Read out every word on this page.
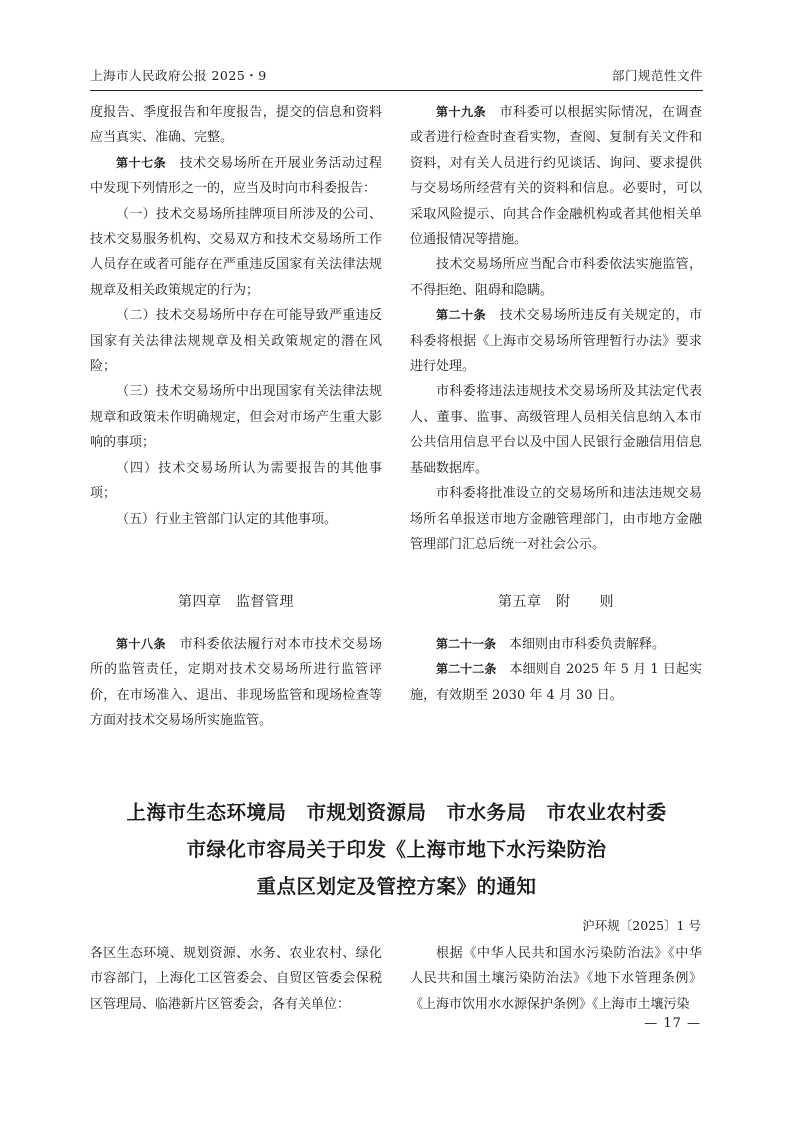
上海市人民政府公报 2025・9	部门规范性文件

度报告、季度报告和年度报告，提交的信息和资料应当真实、准确、完整。

第十七条　技术交易场所在开展业务活动过程中发现下列情形之一的，应当及时向市科委报告：

（一）技术交易场所挂牌项目所涉及的公司、技术交易服务机构、交易双方和技术交易场所工作人员存在或者可能存在严重违反国家有关法律法规规章及相关政策规定的行为；

（二）技术交易场所中存在可能导致严重违反国家有关法律法规规章及相关政策规定的潜在风险；

（三）技术交易场所中出现国家有关法律法规规章和政策未作明确规定，但会对市场产生重大影响的事项；

（四）技术交易场所认为需要报告的其他事项；

（五）行业主管部门认定的其他事项。

第四章　监督管理

第十八条　市科委依法履行对本市技术交易场所的监管责任，定期对技术交易场所进行监管评价，在市场准入、退出、非现场监管和现场检查等方面对技术交易场所实施监管。

第十九条　市科委可以根据实际情况，在调查或者进行检查时查看实物，查阅、复制有关文件和资料，对有关人员进行约见谈话、询问、要求提供与交易场所经营有关的资料和信息。必要时，可以采取风险提示、向其合作金融机构或者其他相关单位通报情况等措施。

技术交易场所应当配合市科委依法实施监管，不得拒绝、阻碍和隐瞒。

第二十条　技术交易场所违反有关规定的，市科委将根据《上海市交易场所管理暂行办法》要求进行处理。

市科委将违法违规技术交易场所及其法定代表人、董事、监事、高级管理人员相关信息纳入本市公共信用信息平台以及中国人民银行金融信用信息基础数据库。

市科委将批准设立的交易场所和违法违规交易场所名单报送市地方金融管理部门，由市地方金融管理部门汇总后统一对社会公示。

第五章　附　　则

第二十一条　本细则由市科委负责解释。

第二十二条　本细则自 2025 年 5 月 1 日起实施，有效期至 2030 年 4 月 30 日。

上海市生态环境局　市规划资源局　市水务局　市农业农村委
市绿化市容局关于印发《上海市地下水污染防治
重点区划定及管控方案》的通知
沪环规〔2025〕1 号

各区生态环境、规划资源、水务、农业农村、绿化市容部门，上海化工区管委会、自贸区管委会保税区管理局、临港新片区管委会，各有关单位：

根据《中华人民共和国水污染防治法》《中华人民共和国土壤污染防治法》《地下水管理条例》《上海市饮用水水源保护条例》《上海市土壤污染

— 17 —
